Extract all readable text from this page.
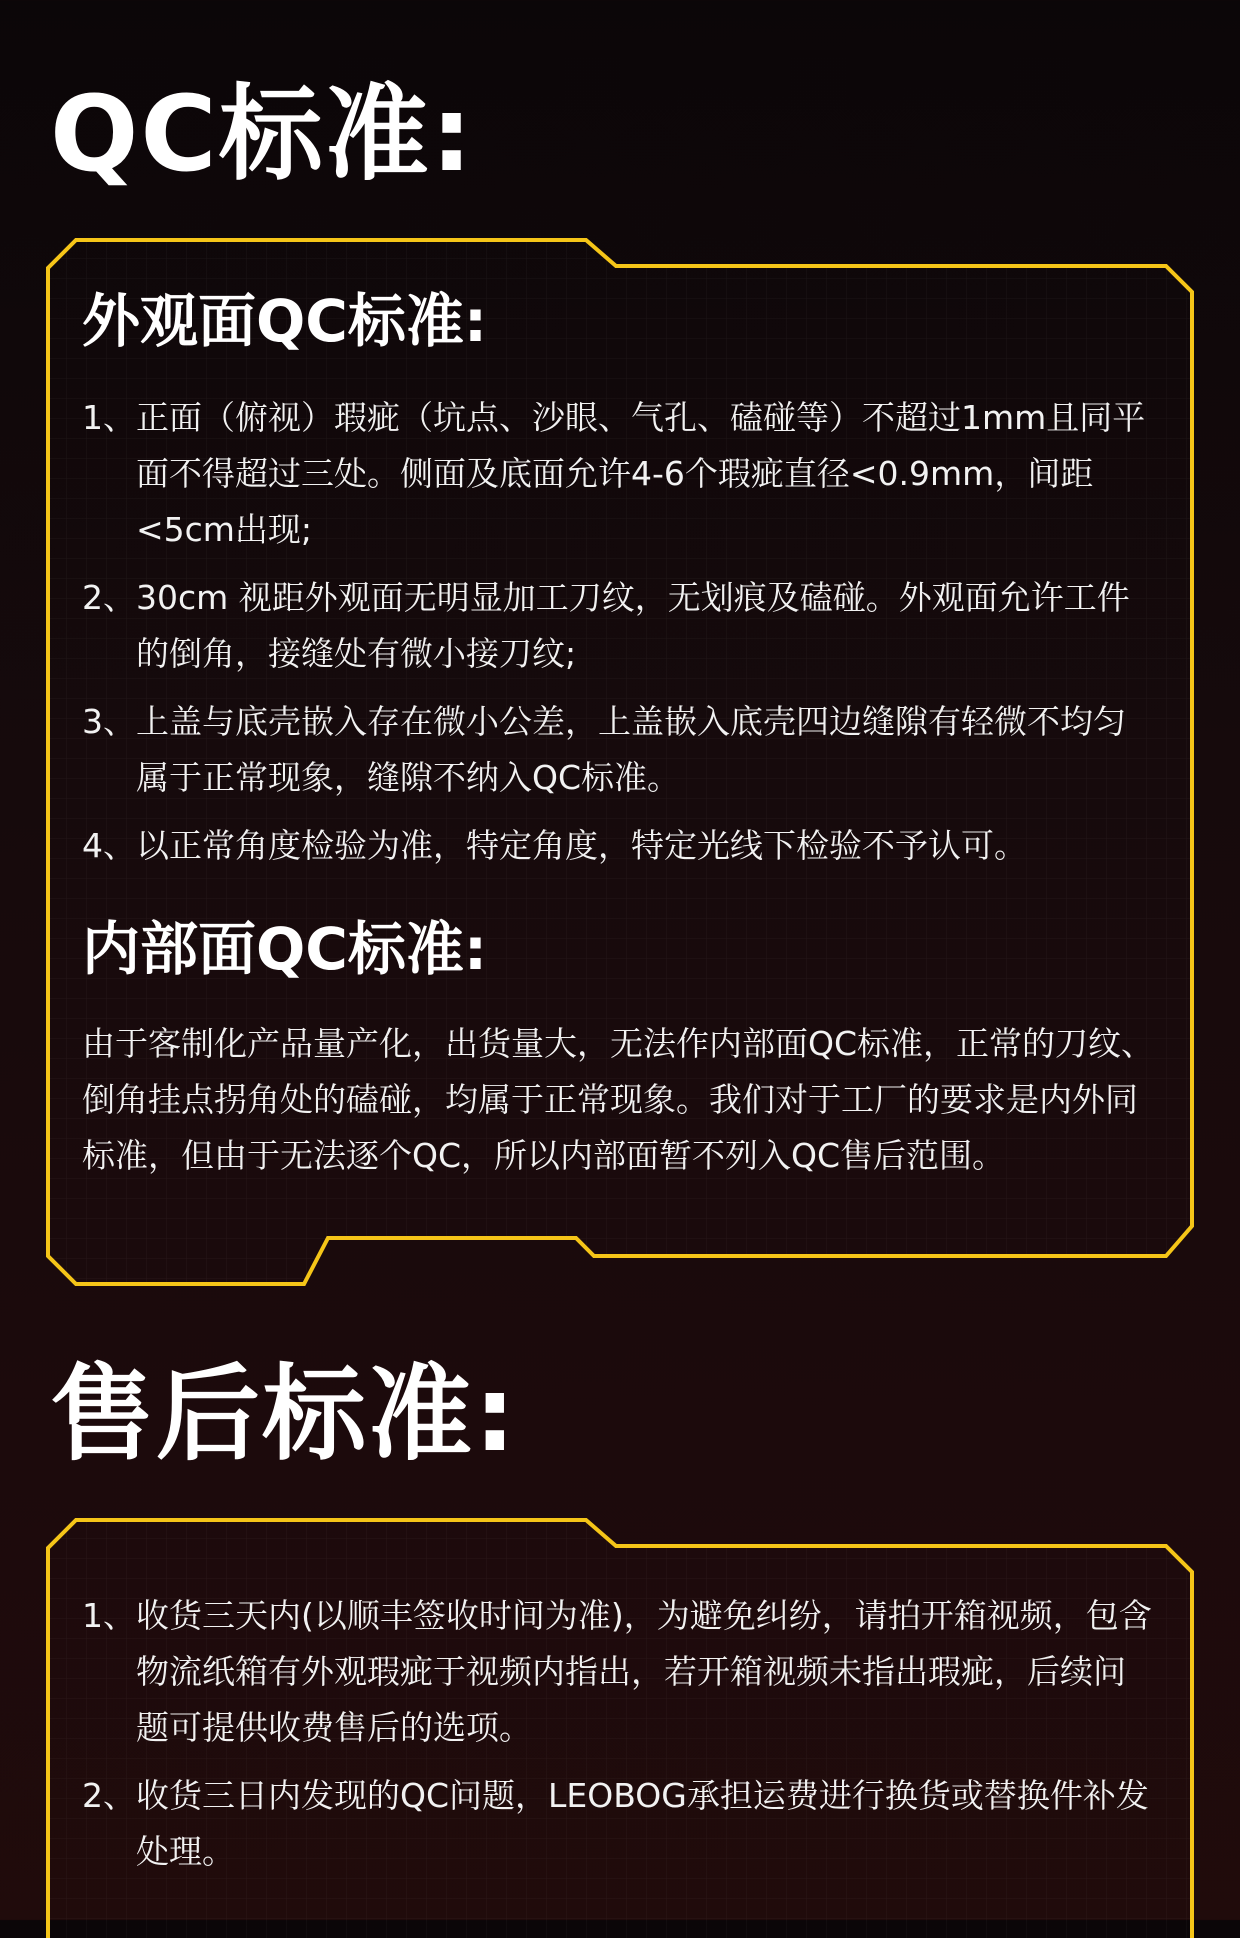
QC标准:
外观面QC标准:
1、 正面（俯视）瑕疵（坑点、沙眼、气孔、磕碰等）不超过1mm且同平面不得超过三处。侧面及底面允许4-6个瑕疵直径<0.9mm，间距<5cm出现;
2、 30cm 视距外观面无明显加工刀纹，无划痕及磕碰。外观面允许工件的倒角，接缝处有微小接刀纹;
3、 上盖与底壳嵌入存在微小公差，上盖嵌入底壳四边缝隙有轻微不均匀属于正常现象，缝隙不纳入QC标准。
4、 以正常角度检验为准，特定角度，特定光线下检验不予认可。
内部面QC标准:

由于客制化产品量产化，出货量大，无法作内部面QC标准，正常的刀纹、倒角挂点拐角处的磕碰，均属于正常现象。我们对于工厂的要求是内外同标准，但由于无法逐个QC，所以内部面暂不列入QC售后范围。

售后标准:
1、 收货三天内(以顺丰签收时间为准)，为避免纠纷，请拍开箱视频，包含物流纸箱有外观瑕疵于视频内指出，若开箱视频未指出瑕疵，后续问题可提供收费售后的选项。
2、 收货三日内发现的QC问题，LEOBOG承担运费进行换货或替换件补发处理。
